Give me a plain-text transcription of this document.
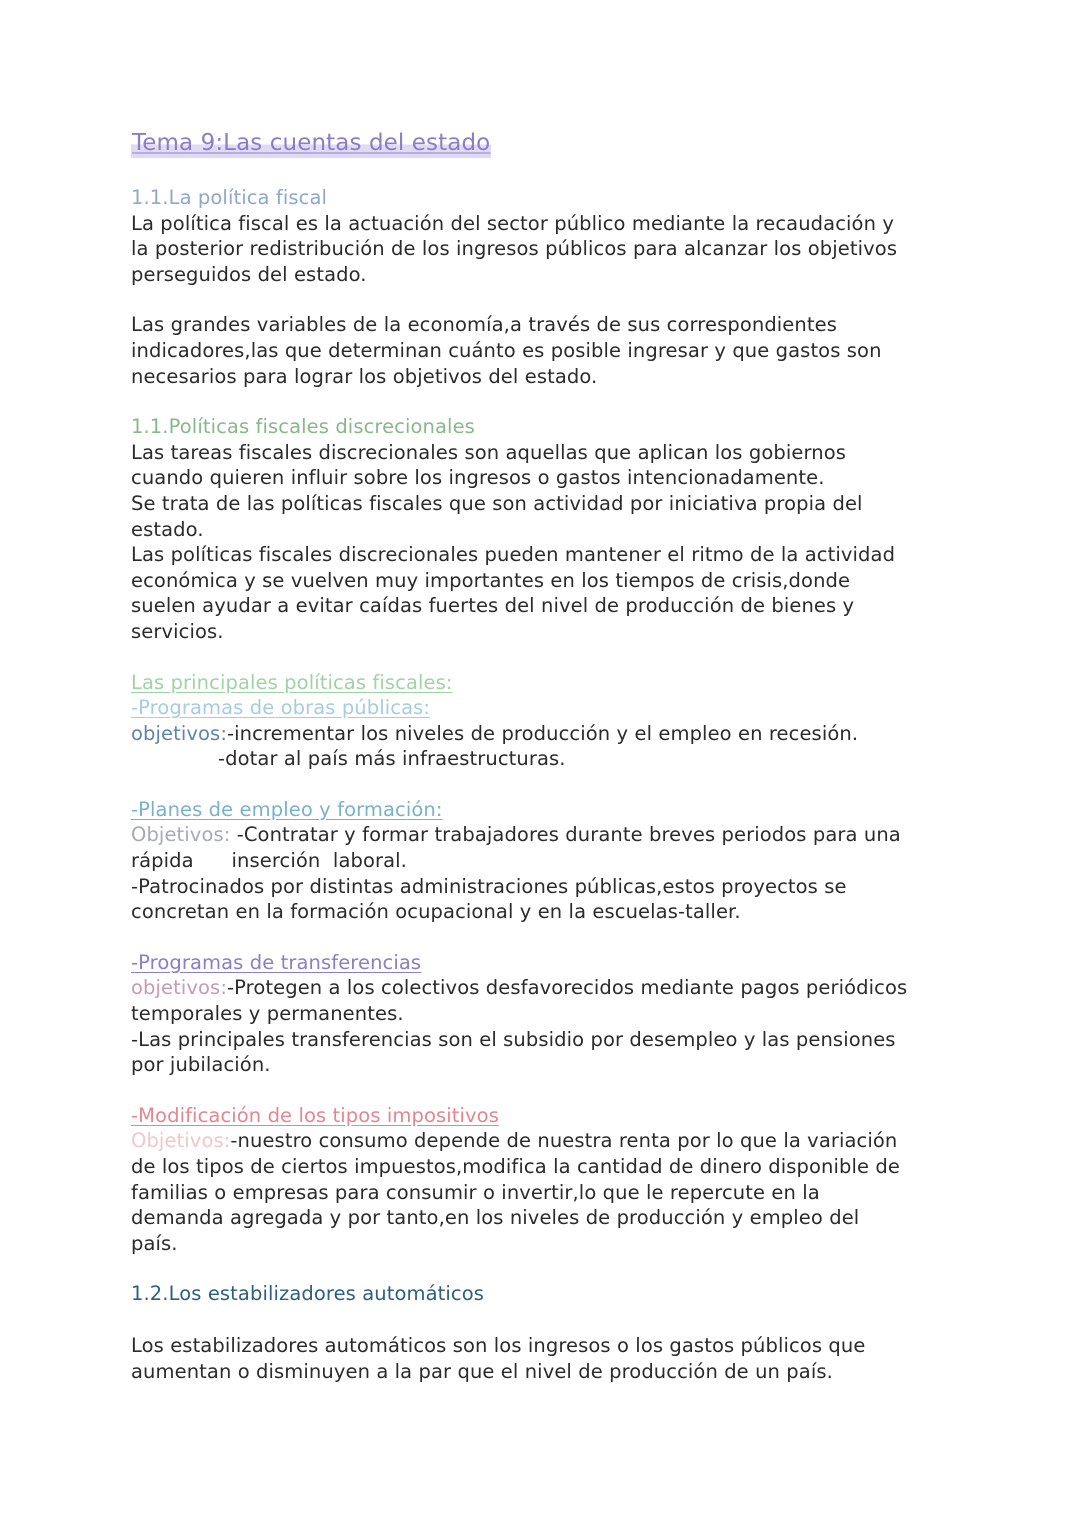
Tema 9:Las cuentas del estado

1.1.La política fiscal

La política fiscal es la actuación del sector público mediante la recaudación y

la posterior redistribución de los ingresos públicos para alcanzar los objetivos

perseguidos del estado.

Las grandes variables de la economía,a través de sus correspondientes

indicadores,las que determinan cuánto es posible ingresar y que gastos son

necesarios para lograr los objetivos del estado.

1.1.Políticas fiscales discrecionales

Las tareas fiscales discrecionales son aquellas que aplican los gobiernos

cuando quieren influir sobre los ingresos o gastos intencionadamente.

Se trata de las políticas fiscales que son actividad por iniciativa propia del

estado.

Las políticas fiscales discrecionales pueden mantener el ritmo de la actividad

económica y se vuelven muy importantes en los tiempos de crisis,donde

suelen ayudar a evitar caídas fuertes del nivel de producción de bienes y

servicios.

Las principales políticas fiscales:

-Programas de obras públicas:

objetivos:-incrementar los niveles de producción y el empleo en recesión.

-dotar al país más infraestructuras.

-Planes de empleo y formación:

Objetivos: -Contratar y formar trabajadores durante breves periodos para una

rápida      inserción  laboral.

-Patrocinados por distintas administraciones públicas,estos proyectos se

concretan en la formación ocupacional y en la escuelas-taller.

-Programas de transferencias

objetivos:-Protegen a los colectivos desfavorecidos mediante pagos periódicos

temporales y permanentes.

-Las principales transferencias son el subsidio por desempleo y las pensiones

por jubilación.

-Modificación de los tipos impositivos

Objetivos:-nuestro consumo depende de nuestra renta por lo que la variación

de los tipos de ciertos impuestos,modifica la cantidad de dinero disponible de

familias o empresas para consumir o invertir,lo que le repercute en la

demanda agregada y por tanto,en los niveles de producción y empleo del

país.

1.2.Los estabilizadores automáticos

Los estabilizadores automáticos son los ingresos o los gastos públicos que

aumentan o disminuyen a la par que el nivel de producción de un país.
